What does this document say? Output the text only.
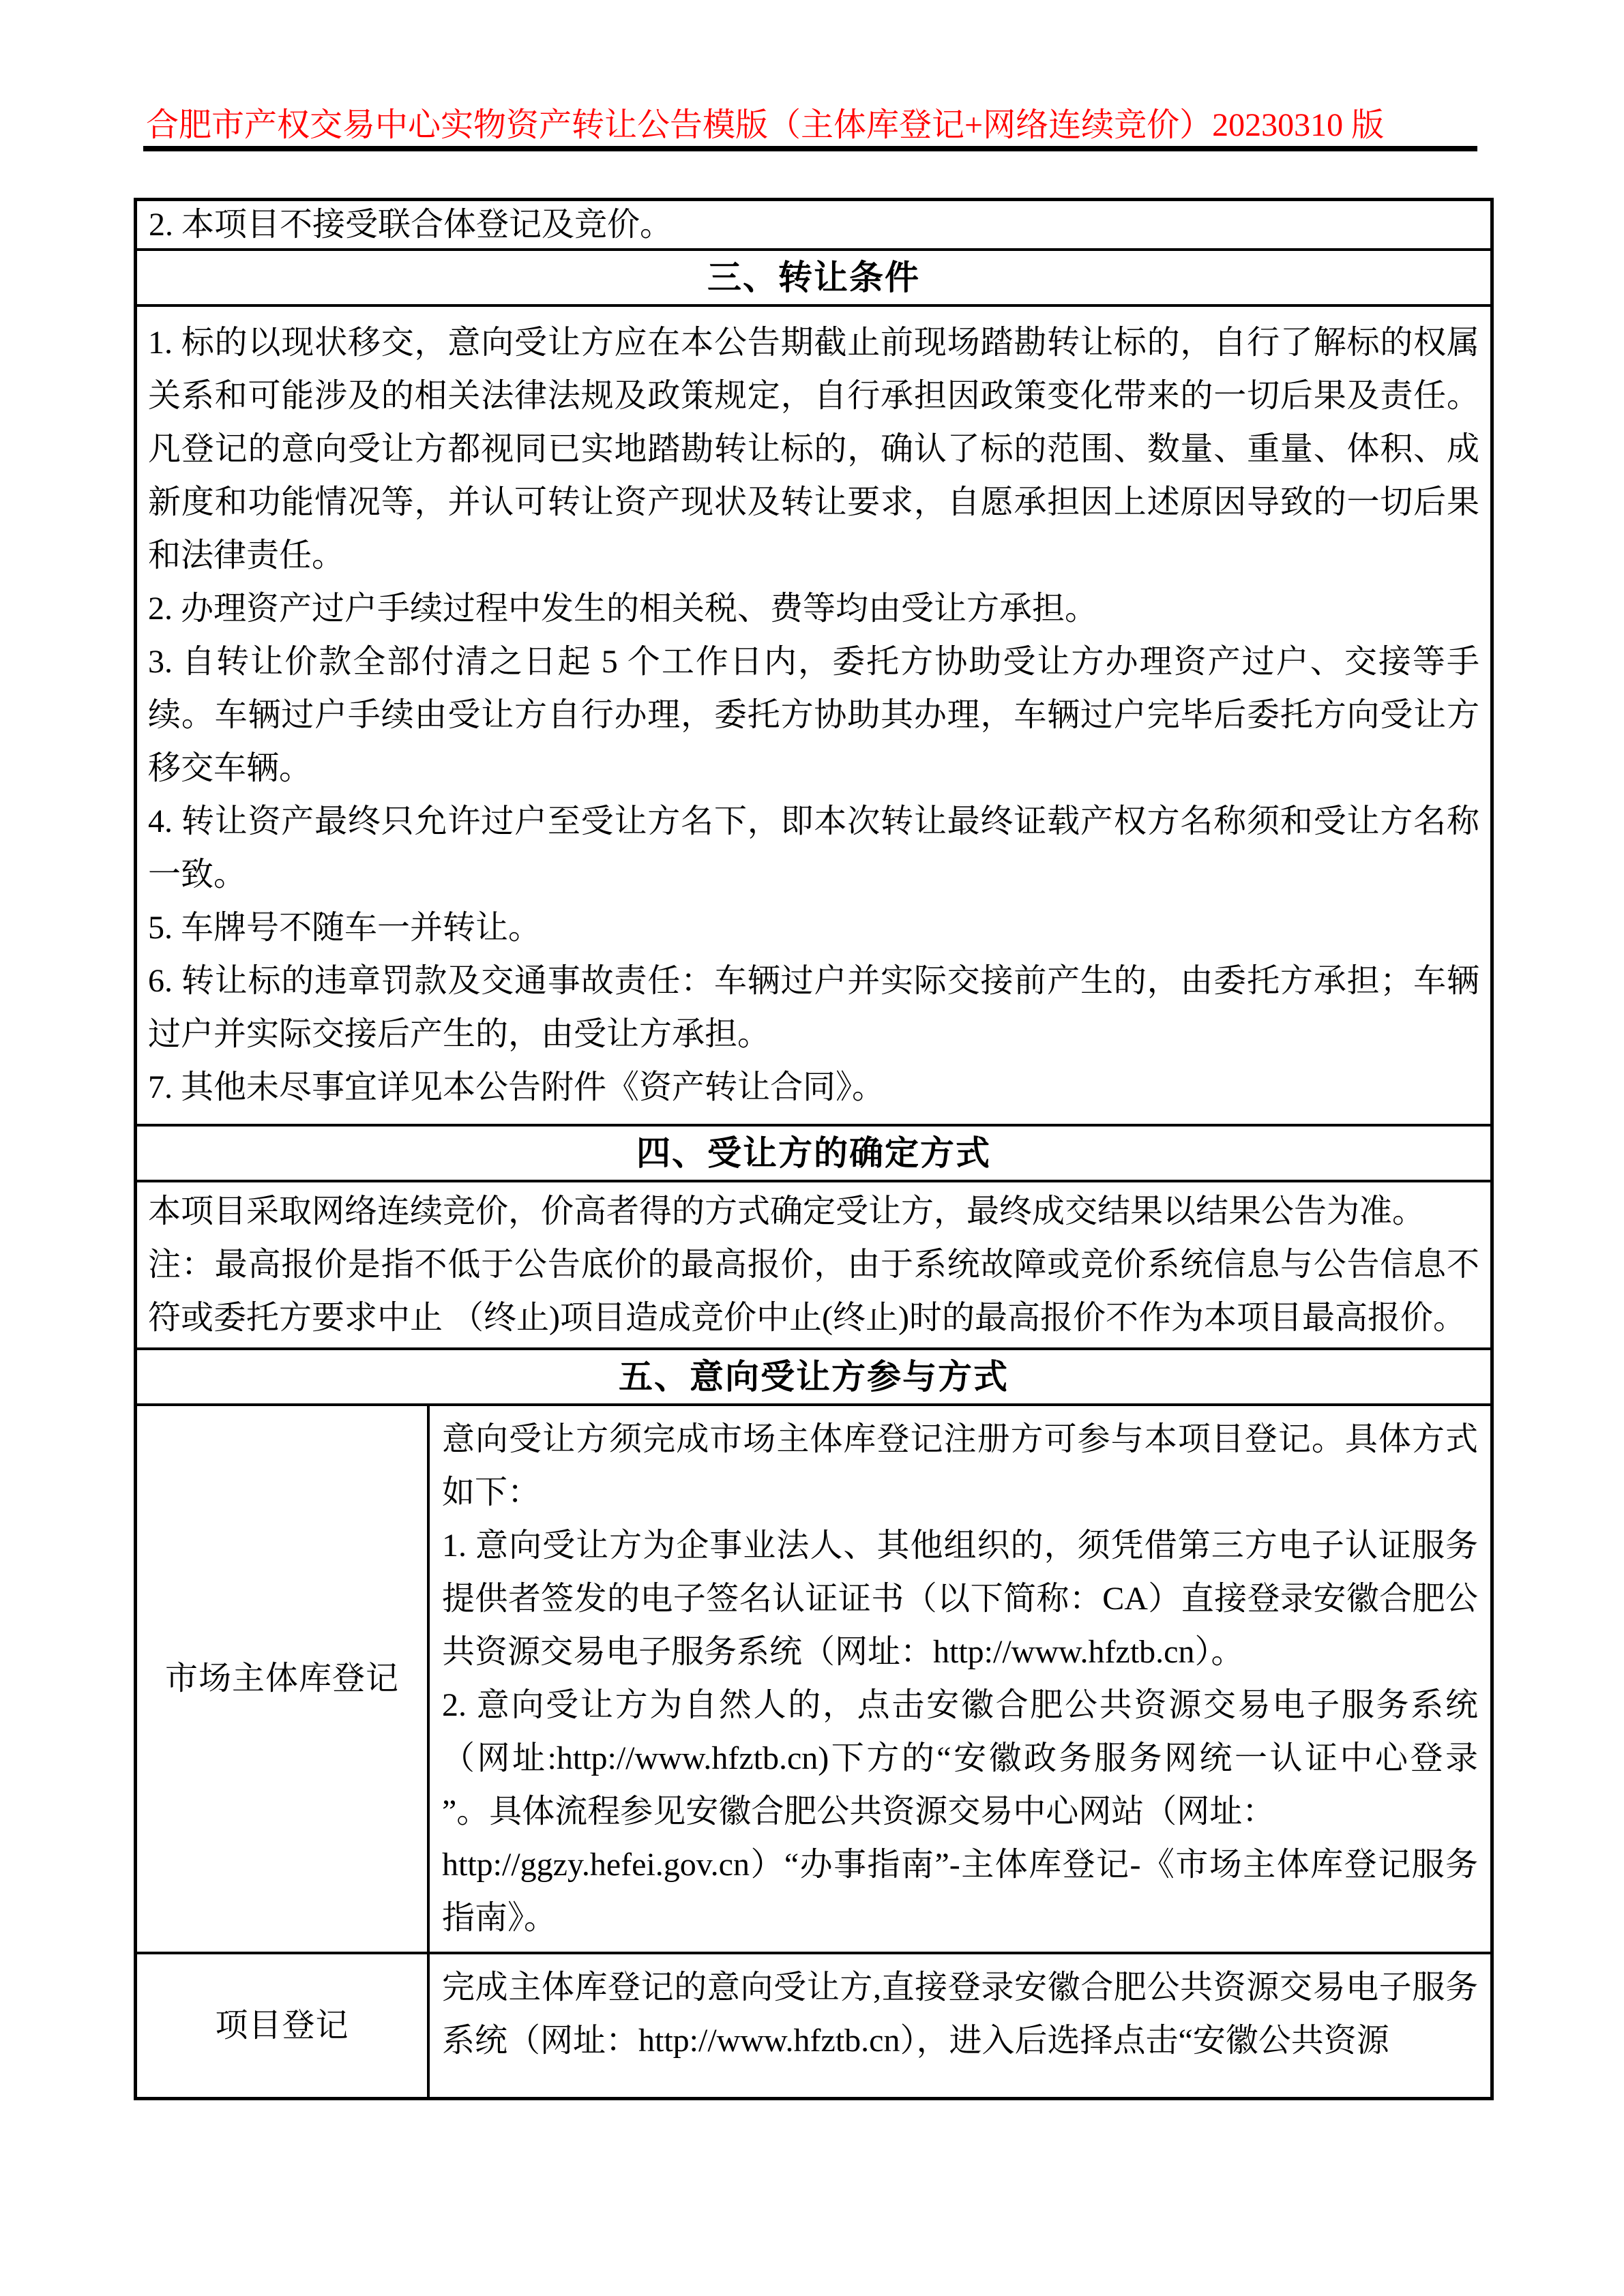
合肥市产权交易中心实物资产转让公告模版（主体库登记+网络连续竞价）20230310 版
2. 本项目不接受联合体登记及竞价。
三、转让条件
1. 标的以现状移交，意向受让方应在本公告期截止前现场踏勘转让标的，自行了解标的权属关系和可能涉及的相关法律法规及政策规定，自行承担因政策变化带来的一切后果及责任。凡登记的意向受让方都视同已实地踏勘转让标的，确认了标的范围、数量、重量、体积、成新度和功能情况等，并认可转让资产现状及转让要求，自愿承担因上述原因导致的一切后果和法律责任。
2. 办理资产过户手续过程中发生的相关税、费等均由受让方承担。
3. 自转让价款全部付清之日起 5 个工作日内，委托方协助受让方办理资产过户、交接等手续。车辆过户手续由受让方自行办理，委托方协助其办理，车辆过户完毕后委托方向受让方移交车辆。
4. 转让资产最终只允许过户至受让方名下，即本次转让最终证载产权方名称须和受让方名称一致。
5. 车牌号不随车一并转让。
6. 转让标的违章罚款及交通事故责任：车辆过户并实际交接前产生的，由委托方承担；车辆过户并实际交接后产生的，由受让方承担。
7. 其他未尽事宜详见本公告附件《资产转让合同》。
四、受让方的确定方式
本项目采取网络连续竞价，价高者得的方式确定受让方，最终成交结果以结果公告为准。
注：最高报价是指不低于公告底价的最高报价，由于系统故障或竞价系统信息与公告信息不符或委托方要求中止 （终止)项目造成竞价中止(终止)时的最高报价不作为本项目最高报价。
五、意向受让方参与方式
市场主体库登记
意向受让方须完成市场主体库登记注册方可参与本项目登记。具体方式如下：
1. 意向受让方为企事业法人、其他组织的，须凭借第三方电子认证服务提供者签发的电子签名认证证书（以下简称：CA）直接登录安徽合肥公共资源交易电子服务系统（网址：http://www.hfztb.cn）。
2. 意向受让方为自然人的，点击安徽合肥公共资源交易电子服务系统（网址:http://www.hfztb.cn)下方的“安徽政务服务网统一认证中心登录 ”。具体流程参见安徽合肥公共资源交易中心网站（网址：
http://ggzy.hefei.gov.cn）“办事指南”-主体库登记-《市场主体库登记服务指南》。
项目登记
完成主体库登记的意向受让方,直接登录安徽合肥公共资源交易电子服务系统（网址：http://www.hfztb.cn），进入后选择点击“安徽公共资源
